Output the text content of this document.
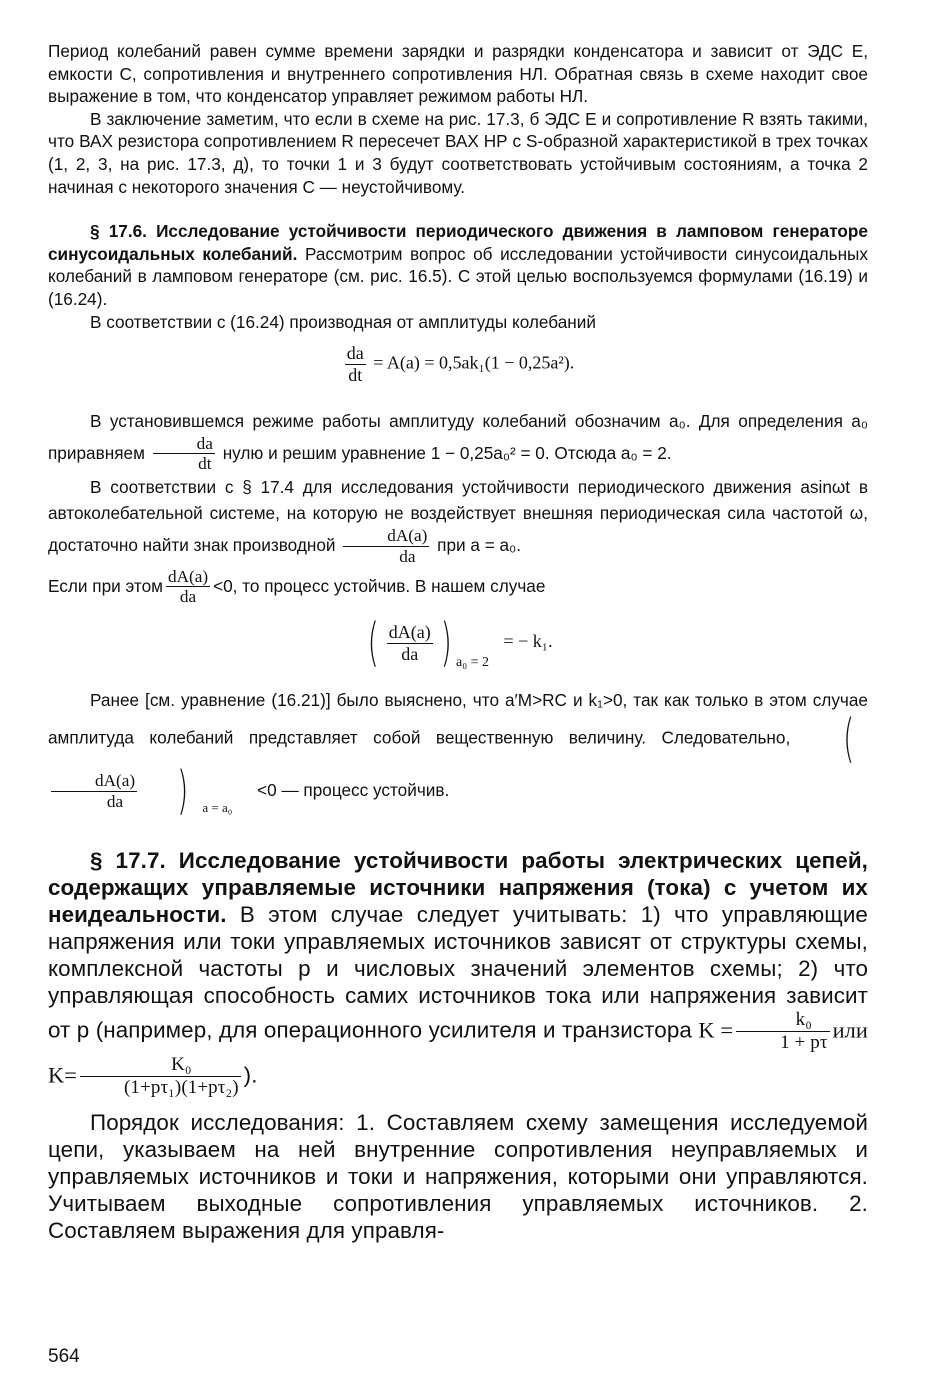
Период колебаний равен сумме времени зарядки и разрядки конденсатора и зависит от ЭДС E, емкости C, сопротивления и внутреннего сопротивления НЛ. Обратная связь в схеме находит свое выражение в том, что конденсатор управляет режимом работы НЛ.

В заключение заметим, что если в схеме на рис. 17.3, б ЭДС E и сопротивление R взять такими, что ВАХ резистора сопротивлением R пересечет ВАХ НР с S-образной характеристикой в трех точках (1, 2, 3, на рис. 17.3, д), то точки 1 и 3 будут соответствовать устойчивым состояниям, а точка 2 начиная с некоторого значения C — неустойчивому.

§ 17.6. Исследование устойчивости периодического движения в ламповом генераторе синусоидальных колебаний. Рассмотрим вопрос об исследовании устойчивости синусоидальных колебаний в ламповом генераторе (см. рис. 16.5). С этой целью воспользуемся формулами (16.19) и (16.24).

В соответствии с (16.24) производная от амплитуды колебаний

$\frac{da}{dt} = A(a) = 0,5ak_1(1 - 0,25a^2)$.

В установившемся режиме работы амплитуду колебаний обозначим a₀. Для определения a₀ приравняем $\frac{da}{dt}$ нулю и решим уравнение 1 − 0,25a₀² = 0. Отсюда a₀ = 2.

В соответствии с § 17.4 для исследования устойчивости периодического движения asinωt в автоколебательной системе, на которую не воздействует внешняя периодическая сила частотой ω, достаточно найти знак производной $\frac{dA(a)}{da}$ при a = a₀.

Если при этом $\frac{dA(a)}{da} <0$, то процесс устойчив. В нашем случае

( $\frac{dA(a)}{da}$ ) $_{a_0 = 2}$ = − k₁.

Ранее [см. уравнение (16.21)] было выяснено, что a′M>RC и k₁>0, так как только в этом случае амплитуда колебаний представляет собой вещественную величину. Следовательно, (
$\frac{dA(a)}{da}$ ) $_{a = a_0}$ <0 — процесс устойчив.

§ 17.7. Исследование устойчивости работы электрических цепей, содержащих управляемые источники напряжения (тока) с учетом их неидеальности. В этом случае следует учитывать: 1) что управляющие напряжения или токи управляемых источников зависят от структуры схемы, комплексной частоты p и числовых значений элементов схемы; 2) что управляющая способность самих источников тока или напряжения зависит от p (например, для операционного усилителя и транзистора $K = \frac{\text{k₀}}{1 + p\tau}$ или $K= \frac{\text{K₀}}{\text{(1+pτ₁)(1+pτ₂)}}$ ).

Порядок исследования: 1. Составляем схему замещения исследуемой цепи, указываем на ней внутренние сопротивления неуправляемых и управляемых источников и токи и напряжения, которыми они управляются. Учитываем выходные сопротивления управляемых источников. 2. Составляем выражения для управля-

564
